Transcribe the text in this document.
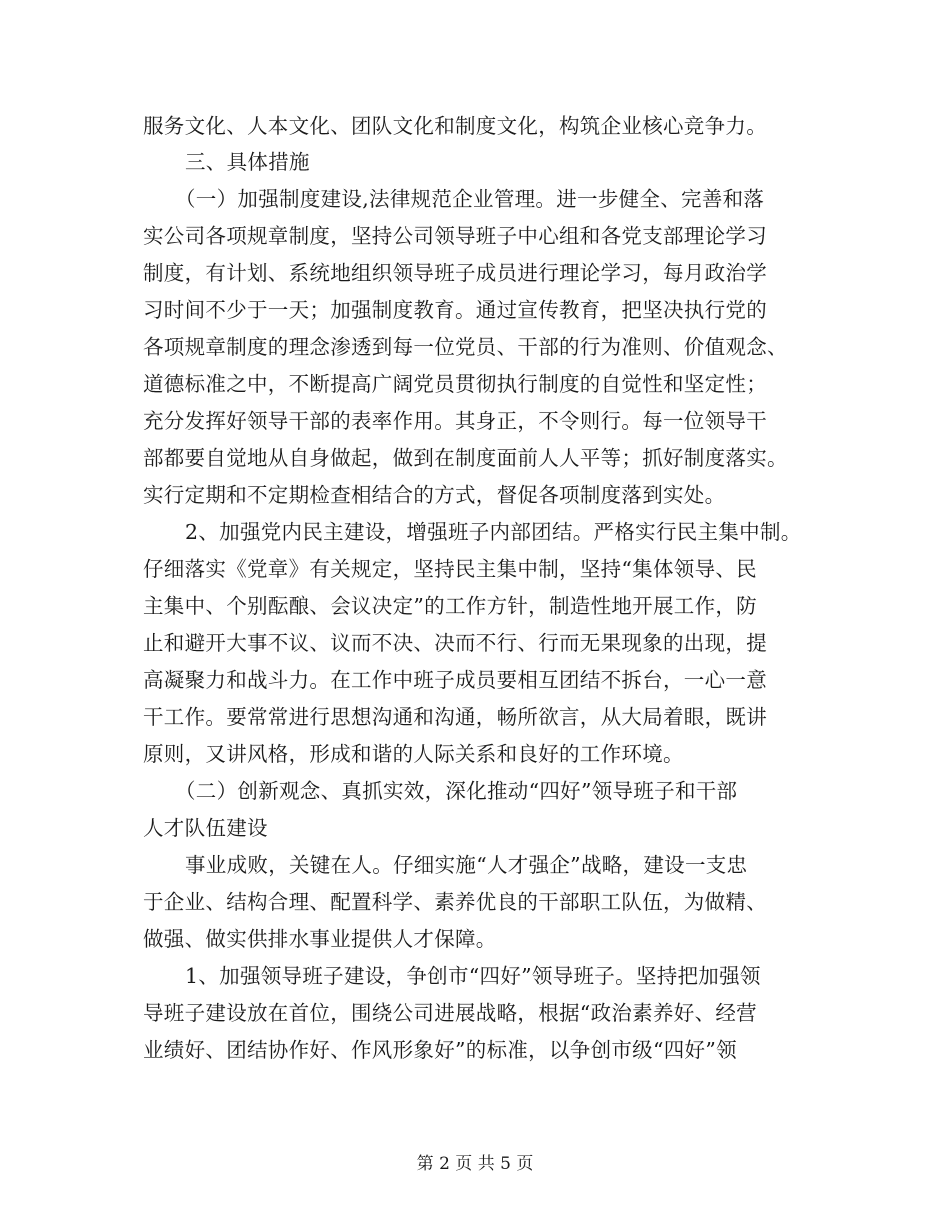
服务文化、人本文化、团队文化和制度文化，构筑企业核心竞争力。
三、具体措施
（一）加强制度建设,法律规范企业管理。进一步健全、完善和落
实公司各项规章制度，坚持公司领导班子中心组和各党支部理论学习
制度，有计划、系统地组织领导班子成员进行理论学习，每月政治学
习时间不少于一天；加强制度教育。通过宣传教育，把坚决执行党的
各项规章制度的理念渗透到每一位党员、干部的行为准则、价值观念、
道德标准之中，不断提高广阔党员贯彻执行制度的自觉性和坚定性；
充分发挥好领导干部的表率作用。其身正，不令则行。每一位领导干
部都要自觉地从自身做起，做到在制度面前人人平等；抓好制度落实。
实行定期和不定期检查相结合的方式，督促各项制度落到实处。
2、加强党内民主建设，增强班子内部团结。严格实行民主集中制。
仔细落实《党章》有关规定，坚持民主集中制，坚持“集体领导、民
主集中、个别酝酿、会议决定”的工作方针，制造性地开展工作，防
止和避开大事不议、议而不决、决而不行、行而无果现象的出现，提
高凝聚力和战斗力。在工作中班子成员要相互团结不拆台，一心一意
干工作。要常常进行思想沟通和沟通，畅所欲言，从大局着眼，既讲
原则，又讲风格，形成和谐的人际关系和良好的工作环境。
（二）创新观念、真抓实效，深化推动“四好”领导班子和干部
人才队伍建设
事业成败，关键在人。仔细实施“人才强企”战略，建设一支忠
于企业、结构合理、配置科学、素养优良的干部职工队伍，为做精、
做强、做实供排水事业提供人才保障。
1、加强领导班子建设，争创市“四好”领导班子。坚持把加强领
导班子建设放在首位，围绕公司进展战略，根据“政治素养好、经营
业绩好、团结协作好、作风形象好”的标准，以争创市级“四好”领
第 2 页 共 5 页
